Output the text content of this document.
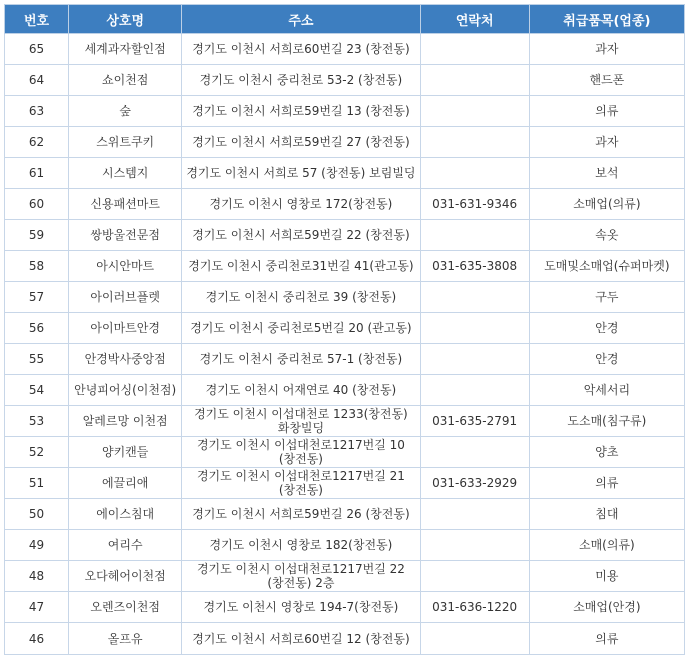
번호	상호명	주소	연락처	취급품목(업종)
65	세계과자할인점	경기도 이천시 서희로60번길 23 (창전동)		과자
64	쇼이천점	경기도 이천시 중리천로 53-2 (창전동)		핸드폰
63	숲	경기도 이천시 서희로59번길 13 (창전동)		의류
62	스위트쿠키	경기도 이천시 서희로59번길 27 (창전동)		과자
61	시스템지	경기도 이천시 서희로 57 (창전동) 보림빌딩		보석
60	신용패션마트	경기도 이천시 영창로 172(창전동)	031-631-9346	소매업(의류)
59	쌍방울전문점	경기도 이천시 서희로59번길 22 (창전동)		속옷
58	아시안마트	경기도 이천시 중리천로31번길 41(관고동)	031-635-3808	도매및소매업(슈퍼마켓)
57	아이러브플렛	경기도 이천시 중리천로 39 (창전동)		구두
56	아이마트안경	경기도 이천시 중리천로5번길 20 (관고동)		안경
55	안경박사중앙점	경기도 이천시 중리천로 57-1 (창전동)		안경
54	안녕피어싱(이천점)	경기도 이천시 어재연로 40 (창전동)		악세서리
53	알레르망 이천점	경기도 이천시 이섭대천로 1233(창전동)화창빌딩	031-635-2791	도소매(침구류)
52	양키캔들	경기도 이천시 이섭대천로1217번길 10 (창전동)		양초
51	에끌리애	경기도 이천시 이섭대천로1217번길 21 (창전동)	031-633-2929	의류
50	에이스침대	경기도 이천시 서희로59번길 26 (창전동)		침대
49	여리수	경기도 이천시 영창로 182(창전동)		소매(의류)
48	오다헤어이천점	경기도 이천시 이섭대천로1217번길 22 (창전동) 2층		미용
47	오렌즈이천점	경기도 이천시 영창로 194-7(창전동)	031-636-1220	소매업(안경)
46	올프유	경기도 이천시 서희로60번길 12 (창전동)		의류
